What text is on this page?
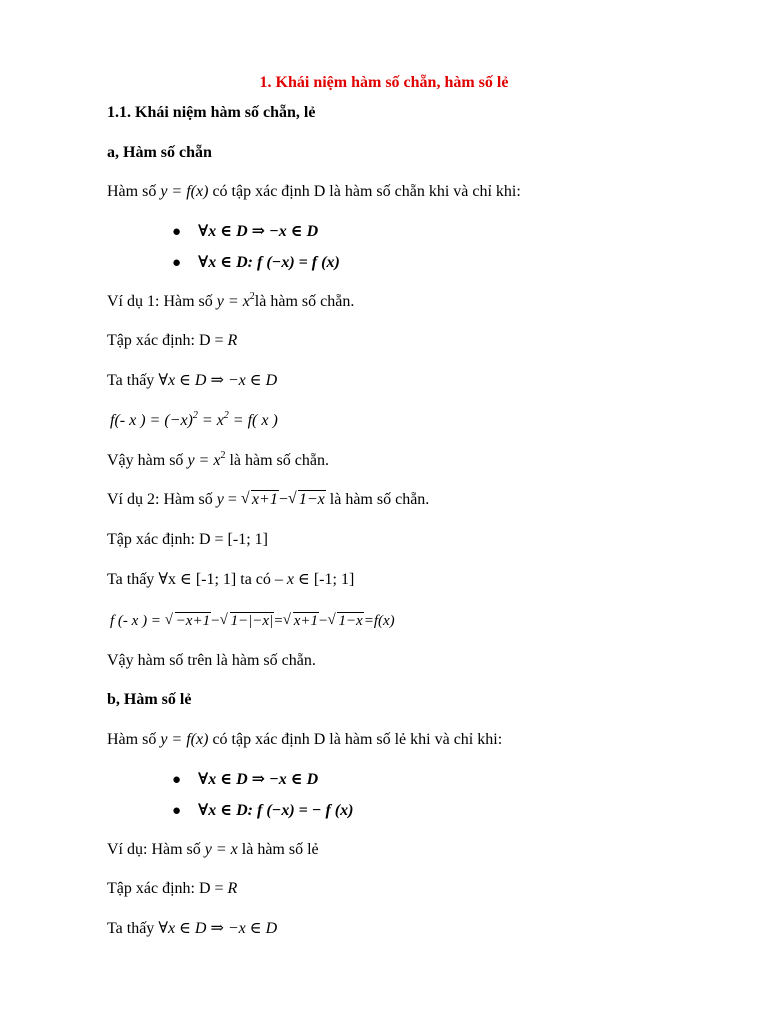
1. Khái niệm hàm số chẵn, hàm số lẻ
1.1. Khái niệm hàm số chẵn, lẻ
a, Hàm số chẵn
Hàm số y = f(x) có tập xác định D là hàm số chẵn khi và chỉ khi:
● ∀x ∈ D ⇒ −x ∈ D
● ∀x ∈ D: f (−x) = f (x)
Ví dụ 1: Hàm số $y = x^2là$ hàm số chẵn.
Tập xác định: D = R
Ta thấy ∀x ∈ D ⇒ −x ∈ D
f(- x ) = $(-x)^2 = x^2 = f$( x )
Vậy hàm số $y = x^2$ là hàm số chẵn.
Ví dụ 2: Hàm số y = √ x+1− √ 1−x là hàm số chẵn.
Tập xác định: D = [-1; 1]
Ta thấy ∀x ∈ [-1; 1] ta có – x ∈ [-1; 1]
f (- x ) = √ −x+1− √ 1−|−x|= √ x+1− √ 1−x=f(x)
Vậy hàm số trên là hàm số chẵn.
b, Hàm số lẻ
Hàm số y = f(x) có tập xác định D là hàm số lẻ khi và chỉ khi:
● ∀x ∈ D ⇒ −x ∈ D
● ∀x ∈ D: f (−x) = − f (x)
Ví dụ: Hàm số y = x là hàm số lẻ
Tập xác định: D = R
Ta thấy ∀x ∈ D ⇒ −x ∈ D
